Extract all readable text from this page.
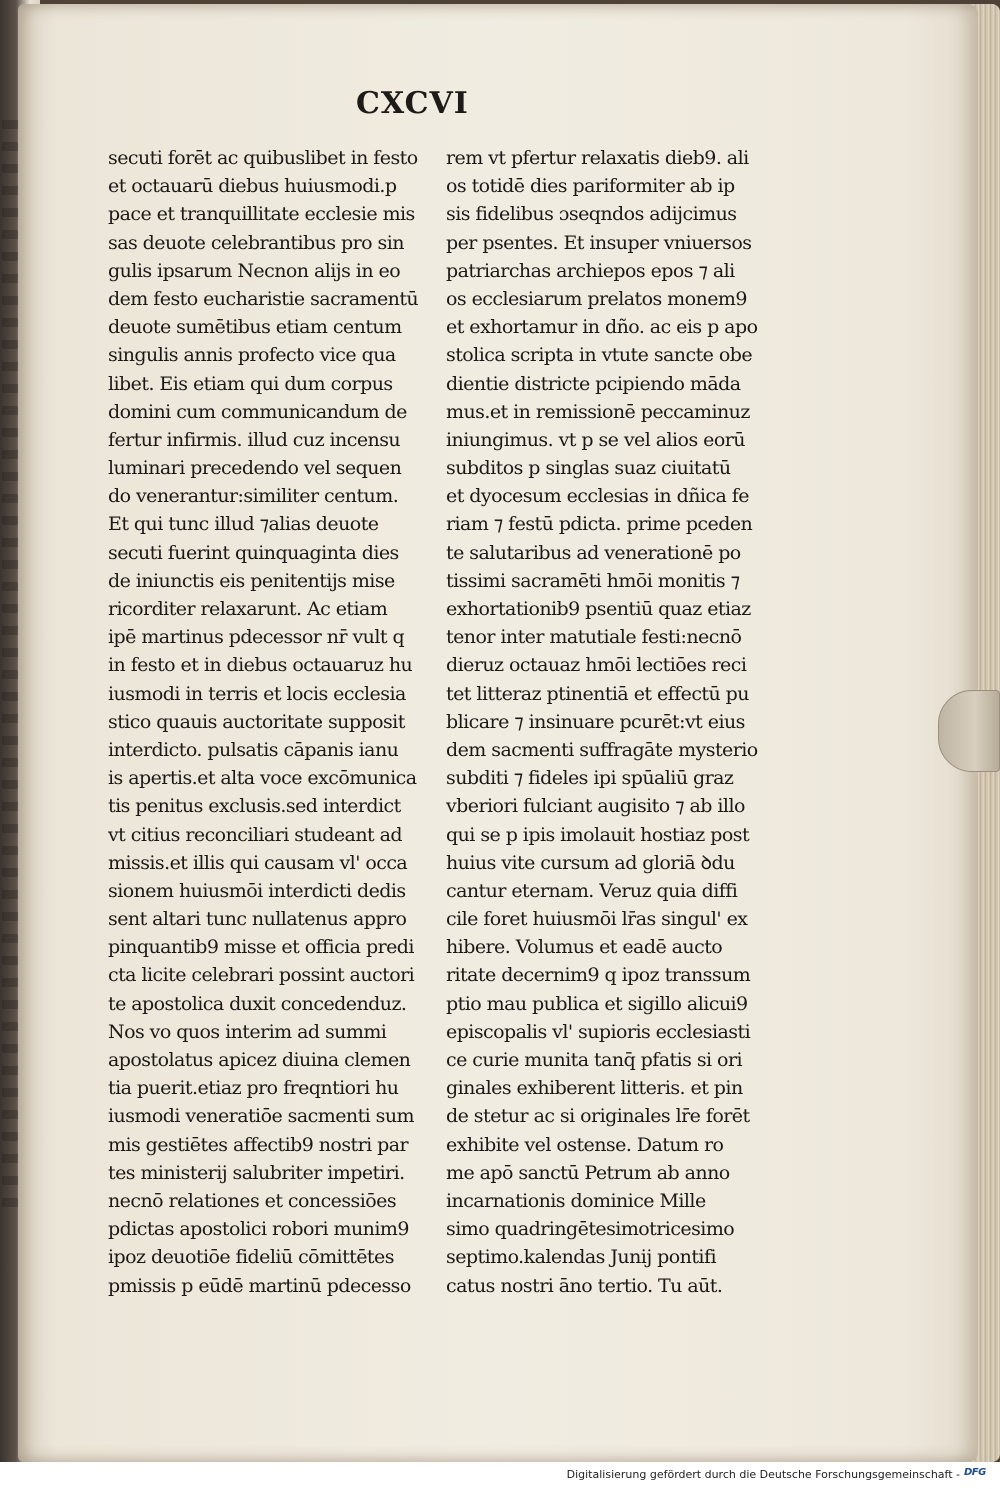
CXCVI
secuti forēt ac quibuslibet in festo
et octauarū diebus huiusmodi.p
pace et tranquillitate ecclesie mis
sas deuote celebrantibus pro sin
gulis ipsarum Necnon alijs in eo
dem festo eucharistie sacramentū
deuote sumētibus etiam centum
singulis annis profecto vice qua
libet. Eis etiam qui dum corpus
domini cum communicandum de
fertur infirmis. illud cuz incensu
luminari precedendo vel sequen
do venerantur:similiter centum.
Et qui tunc illud ⁊alias deuote
secuti fuerint quinquaginta dies
de iniunctis eis penitentijs mise
ricorditer relaxarunt. Ac etiam
ipē martinus pdecessor nr̄ vult q
in festo et in diebus octauaruz hu
iusmodi in terris et locis ecclesia
stico quauis auctoritate supposit
interdicto. pulsatis cāpanis ianu
is apertis.et alta voce excōmunica
tis penitus exclusis.sed interdict
vt citius reconciliari studeant ad
missis.et illis qui causam vl' occa
sionem huiusmōi interdicti dedis
sent altari tunc nullatenus appro
pinquantib9 misse et officia predi
cta licite celebrari possint auctori
te apostolica duxit concedenduz.
Nos vo quos interim ad summi
apostolatus apicez diuina clemen
tia puerit.etiaz pro freqntiori hu
iusmodi veneratiōe sacmenti sum
mis gestiētes affectib9 nostri par
tes ministerij salubriter impetiri.
necnō relationes et concessiōes
pdictas apostolici robori munim9
ipoz deuotiōe fideliū cōmittētes
pmissis p eūdē martinū pdecesso
rem vt pfertur relaxatis dieb9. ali
os totidē dies pariformiter ab ip
sis fidelibus ɔseqndos adijcimus
per psentes. Et insuper vniuersos
patriarchas archiepos epos ⁊ ali
os ecclesiarum prelatos monem9
et exhortamur in dño. ac eis p apo
stolica scripta in vtute sancte obe
dientie districte pcipiendo māda
mus.et in remissionē peccaminuz
iniungimus. vt p se vel alios eorū
subditos p singlas suaz ciuitatū
et dyocesum ecclesias in dñica fe
riam ⁊ festū pdicta. prime pceden
te salutaribus ad venerationē po
tissimi sacramēti hmōi monitis ⁊
exhortationib9 psentiū quaz etiaz
tenor inter matutiale festi:necnō
dieruz octauaz hmōi lectiōes reci
tet litteraz ptinentiā et effectū pu
blicare ⁊ insinuare pcurēt:vt eius
dem sacmenti suffragāte mysterio
subditi ⁊ fideles ipi spūaliū graz
vberiori fulciant augisito ⁊ ab illo
qui se p ipis imolauit hostiaz post
huius vite cursum ad gloriā ꝺdu
cantur eternam. Veruz quia diffi
cile foret huiusmōi lr̄as singul' ex
hibere. Volumus et eadē aucto
ritate decernim9 q ipoz transsum
ptio mau publica et sigillo alicui9
episcopalis vl' supioris ecclesiasti
ce curie munita tanq̄ pfatis si ori
ginales exhiberent litteris. et pin
de stetur ac si originales lr̄e forēt
exhibite vel ostense. Datum ro
me apō sanctū Petrum ab anno
incarnationis dominice Mille
simo quadringētesimotricesimo
septimo.kalendas Junij pontifi
catus nostri āno tertio. Tu aūt.
Digitalisierung gefördert durch die Deutsche Forschungsgemeinschaft - DFG
